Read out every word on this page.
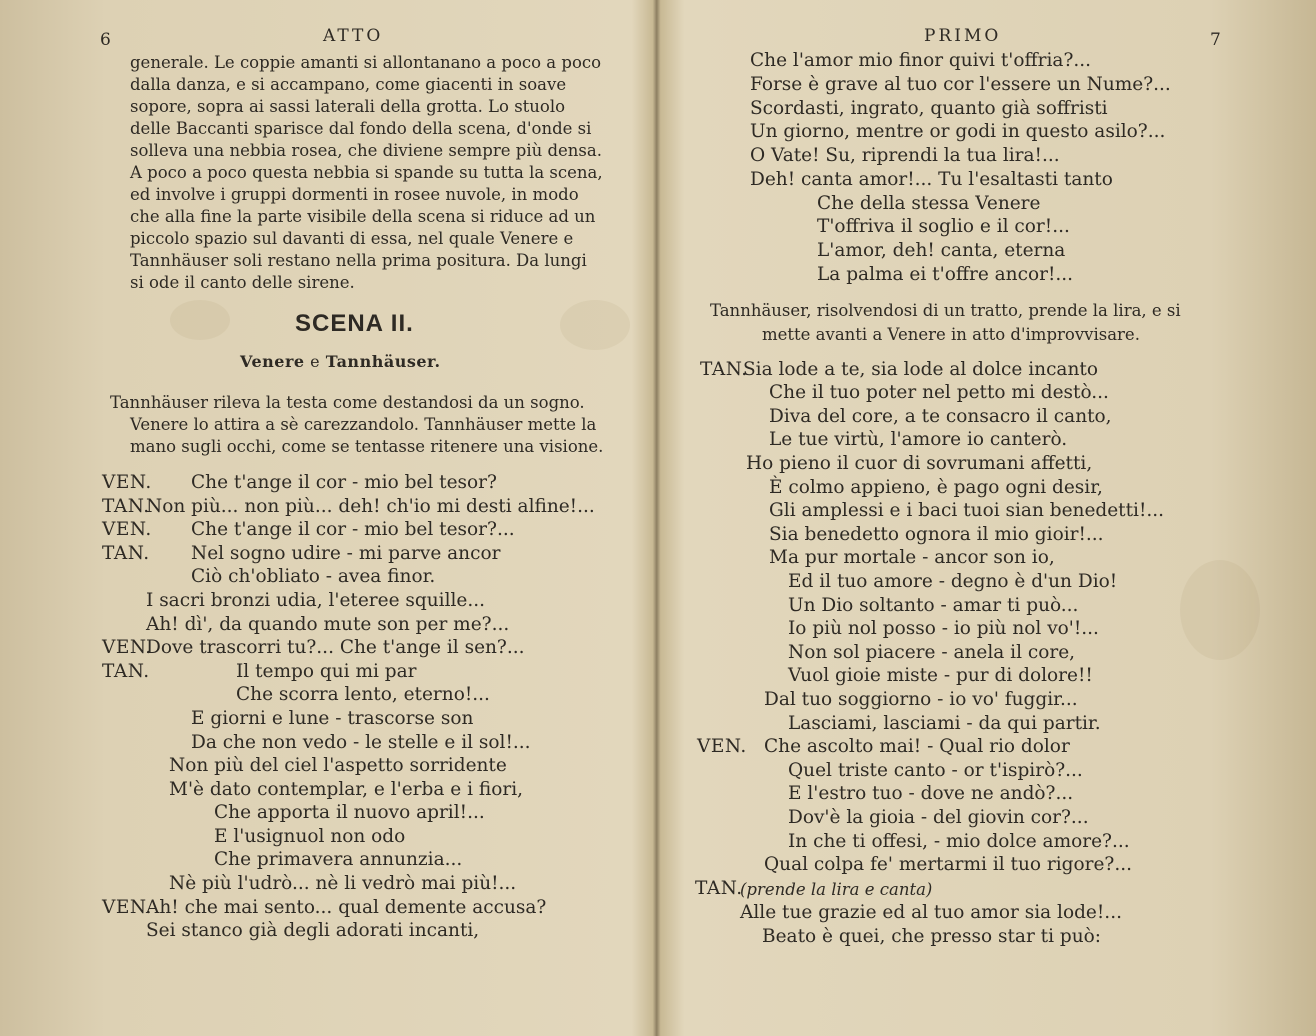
6	ATTO
generale. Le coppie amanti si allontanano a poco a poco
dalla danza, e si accampano, come giacenti in soave
sopore, sopra ai sassi laterali della grotta. Lo stuolo
delle Baccanti sparisce dal fondo della scena, d'onde si
solleva una nebbia rosea, che diviene sempre più densa.
A poco a poco questa nebbia si spande su tutta la scena,
ed involve i gruppi dormenti in rosee nuvole, in modo
che alla fine la parte visibile della scena si riduce ad un
piccolo spazio sul davanti di essa, nel quale Venere e
Tannhäuser soli restano nella prima positura. Da lungi
si ode il canto delle sirene.
SCENA II.
Venere e Tannhäuser.
Tannhäuser rileva la testa come destandosi da un sogno.
Venere lo attira a sè carezzandolo. Tannhäuser mette la
mano sugli occhi, come se tentasse ritenere una visione.
VEN. Che t'ange il cor - mio bel tesor?
TAN.
Non più... non più... deh! ch'io mi desti alfine!...
VEN. Che t'ange il cor - mio bel tesor?...
TAN. Nel sogno udire - mi parve ancor
Ciò ch'obliato - avea finor.
I sacri bronzi udia, l'eteree squille...
Ah! dì', da quando mute son per me?...
VEN.
Dove trascorri tu?... Che t'ange il sen?...
TAN.	Il tempo qui mi par
Che scorra lento, eterno!...
E giorni e lune - trascorse son
Da che non vedo - le stelle e il sol!...
Non più del ciel l'aspetto sorridente
M'è dato contemplar, e l'erba e i fiori,
Che apporta il nuovo april!...
E l'usignuol non odo
Che primavera annunzia...
Nè più l'udrò... nè li vedrò mai più!...
VEN.
Ah! che mai sento... qual demente accusa?
Sei stanco già degli adorati incanti,
PRIMO	7
Che l'amor mio finor quivi t'offria?...
Forse è grave al tuo cor l'essere un Nume?...
Scordasti, ingrato, quanto già soffristi
Un giorno, mentre or godi in questo asilo?...
O Vate! Su, riprendi la tua lira!...
Deh! canta amor!... Tu l'esaltasti tanto
Che della stessa Venere
T'offriva il soglio e il cor!...
L'amor, deh! canta, eterna
La palma ei t'offre ancor!...
Tannhäuser, risolvendosi di un tratto, prende la lira, e si
mette avanti a Venere in atto d'improvvisare.
TAN.
Sia lode a te, sia lode al dolce incanto
Che il tuo poter nel petto mi destò...
Diva del core, a te consacro il canto,
Le tue virtù, l'amore io canterò.
Ho pieno il cuor di sovrumani affetti,
È colmo appieno, è pago ogni desir,
Gli amplessi e i baci tuoi sian benedetti!...
Sia benedetto ognora il mio gioir!...
Ma pur mortale - ancor son io,
Ed il tuo amore - degno è d'un Dio!
Un Dio soltanto - amar ti può...
Io più nol posso - io più nol vo'!...
Non sol piacere - anela il core,
Vuol gioie miste - pur di dolore!!
Dal tuo soggiorno - io vo' fuggir...
Lasciami, lasciami - da qui partir.
VEN. Che ascolto mai! - Qual rio dolor
Quel triste canto - or t'ispirò?...
E l'estro tuo - dove ne andò?...
Dov'è la gioia - del giovin cor?...
In che ti offesi, - mio dolce amore?...
Qual colpa fe' mertarmi il tuo rigore?...
TAN.
(prende la lira e canta)
Alle tue grazie ed al tuo amor sia lode!...
Beato è quei, che presso star ti può:
